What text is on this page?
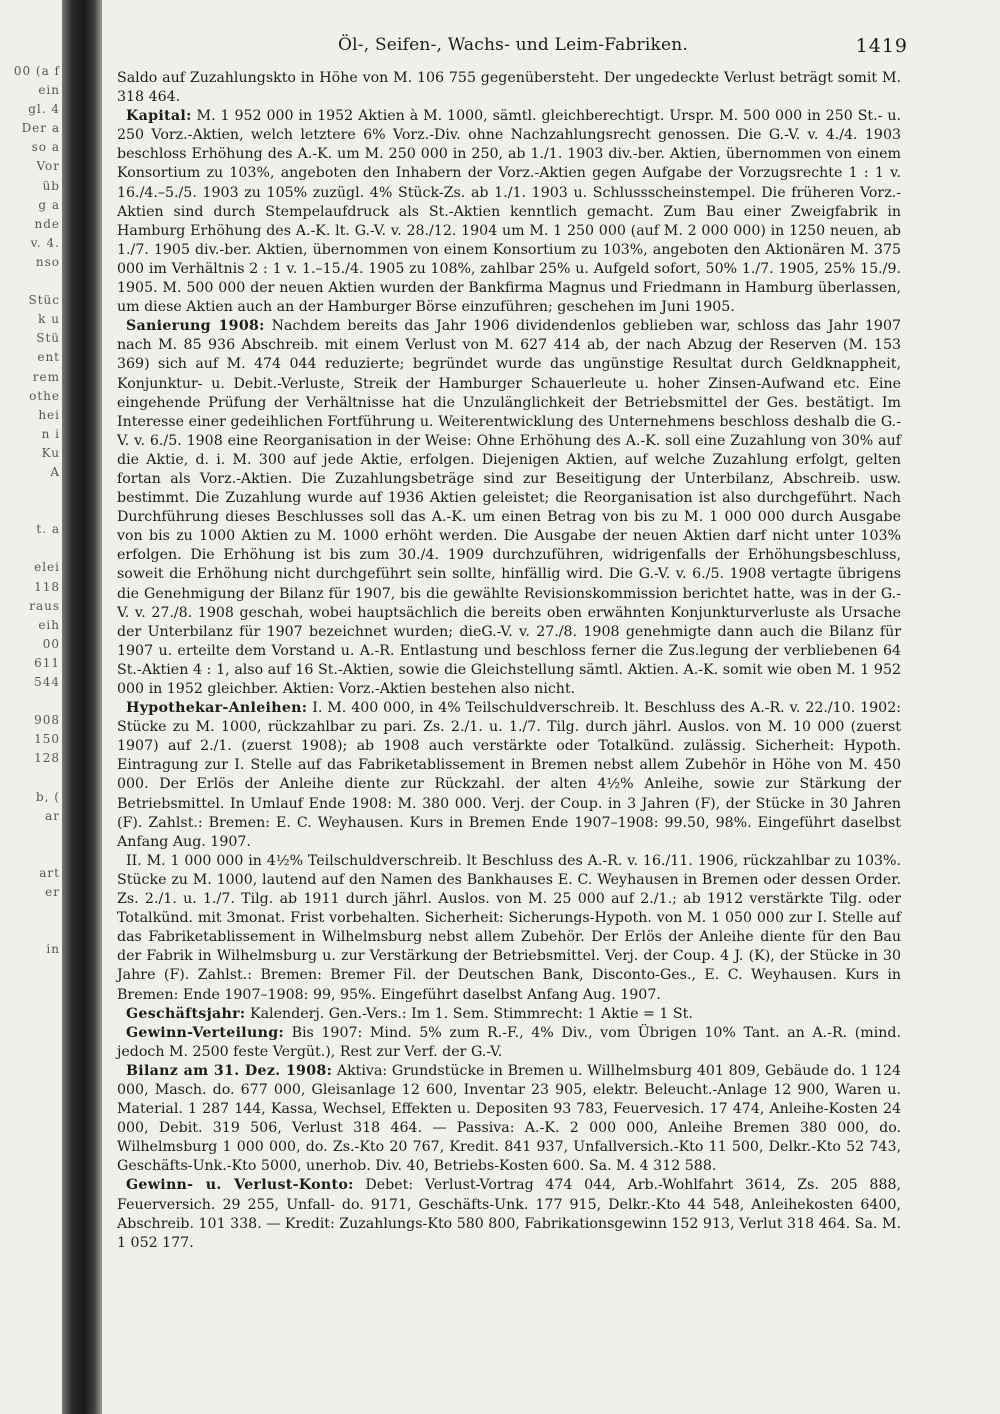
00 (a f
ein
gl. 4
Der a
so a
Vor
üb
g a
nde
v. 4.
nso

Stüc
k u
Stü
ent
rem
othe
hei
n i
Ku
A

t. a

elei
118
raus
eih
00
611
544

908
150
128

b, (
ar

art
er

in
Öl-, Seifen-, Wachs- und Leim-Fabriken.	1419

Saldo auf Zuzahlungskto in Höhe von M. 106 755 gegenübersteht. Der ungedeckte Verlust beträgt somit M. 318 464.

Kapital: M. 1 952 000 in 1952 Aktien à M. 1000, sämtl. gleichberechtigt. Urspr. M. 500 000 in 250 St.- u. 250 Vorz.-Aktien, welch letztere 6% Vorz.-Div. ohne Nachzahlungsrecht genossen. Die G.-V. v. 4./4. 1903 beschloss Erhöhung des A.-K. um M. 250 000 in 250, ab 1./1. 1903 div.-ber. Aktien, übernommen von einem Konsortium zu 103%, angeboten den Inhabern der Vorz.-Aktien gegen Aufgabe der Vorzugsrechte 1 : 1 v. 16./4.–5./5. 1903 zu 105% zuzügl. 4% Stück-Zs. ab 1./1. 1903 u. Schlussscheinstempel. Die früheren Vorz.-Aktien sind durch Stempelaufdruck als St.-Aktien kenntlich gemacht. Zum Bau einer Zweigfabrik in Hamburg Erhöhung des A.-K. lt. G.-V. v. 28./12. 1904 um M. 1 250 000 (auf M. 2 000 000) in 1250 neuen, ab 1./7. 1905 div.-ber. Aktien, übernommen von einem Konsortium zu 103%, angeboten den Aktionären M. 375 000 im Verhältnis 2 : 1 v. 1.–15./4. 1905 zu 108%, zahlbar 25% u. Aufgeld sofort, 50% 1./7. 1905, 25% 15./9. 1905. M. 500 000 der neuen Aktien wurden der Bankfirma Magnus und Friedmann in Hamburg überlassen, um diese Aktien auch an der Hamburger Börse einzuführen; geschehen im Juni 1905.

Sanierung 1908: Nachdem bereits das Jahr 1906 dividendenlos geblieben war, schloss das Jahr 1907 nach M. 85 936 Abschreib. mit einem Verlust von M. 627 414 ab, der nach Abzug der Reserven (M. 153 369) sich auf M. 474 044 reduzierte; begründet wurde das ungünstige Resultat durch Geldknappheit, Konjunktur- u. Debit.-Verluste, Streik der Hamburger Schauerleute u. hoher Zinsen-Aufwand etc. Eine eingehende Prüfung der Verhältnisse hat die Unzulänglichkeit der Betriebsmittel der Ges. bestätigt. Im Interesse einer gedeihlichen Fortführung u. Weiterentwicklung des Unternehmens beschloss deshalb die G.-V. v. 6./5. 1908 eine Reorganisation in der Weise: Ohne Erhöhung des A.-K. soll eine Zuzahlung von 30% auf die Aktie, d. i. M. 300 auf jede Aktie, erfolgen. Diejenigen Aktien, auf welche Zuzahlung erfolgt, gelten fortan als Vorz.-Aktien. Die Zuzahlungsbeträge sind zur Beseitigung der Unterbilanz, Abschreib. usw. bestimmt. Die Zuzahlung wurde auf 1936 Aktien geleistet; die Reorganisation ist also durchgeführt. Nach Durchführung dieses Beschlusses soll das A.-K. um einen Betrag von bis zu M. 1 000 000 durch Ausgabe von bis zu 1000 Aktien zu M. 1000 erhöht werden. Die Ausgabe der neuen Aktien darf nicht unter 103% erfolgen. Die Erhöhung ist bis zum 30./4. 1909 durchzuführen, widrigenfalls der Erhöhungsbeschluss, soweit die Erhöhung nicht durchgeführt sein sollte, hinfällig wird. Die G.-V. v. 6./5. 1908 vertagte übrigens die Genehmigung der Bilanz für 1907, bis die gewählte Revisionskommission berichtet hatte, was in der G.-V. v. 27./8. 1908 geschah, wobei hauptsächlich die bereits oben erwähnten Konjunkturverluste als Ursache der Unterbilanz für 1907 bezeichnet wurden; dieG.-V. v. 27./8. 1908 genehmigte dann auch die Bilanz für 1907 u. erteilte dem Vorstand u. A.-R. Entlastung und beschloss ferner die Zus.legung der verbliebenen 64 St.-Aktien 4 : 1, also auf 16 St.-Aktien, sowie die Gleichstellung sämtl. Aktien. A.-K. somit wie oben M. 1 952 000 in 1952 gleichber. Aktien: Vorz.-Aktien bestehen also nicht.

Hypothekar-Anleihen: I. M. 400 000, in 4% Teilschuldverschreib. lt. Beschluss des A.-R. v. 22./10. 1902: Stücke zu M. 1000, rückzahlbar zu pari. Zs. 2./1. u. 1./7. Tilg. durch jährl. Auslos. von M. 10 000 (zuerst 1907) auf 2./1. (zuerst 1908); ab 1908 auch verstärkte oder Totalkünd. zulässig. Sicherheit: Hypoth. Eintragung zur I. Stelle auf das Fabriketablissement in Bremen nebst allem Zubehör in Höhe von M. 450 000. Der Erlös der Anleihe diente zur Rückzahl. der alten 4½% Anleihe, sowie zur Stärkung der Betriebsmittel. In Umlauf Ende 1908: M. 380 000. Verj. der Coup. in 3 Jahren (F), der Stücke in 30 Jahren (F). Zahlst.: Bremen: E. C. Weyhausen. Kurs in Bremen Ende 1907–1908: 99.50, 98%. Eingeführt daselbst Anfang Aug. 1907.

II. M. 1 000 000 in 4½% Teilschuldverschreib. lt Beschluss des A.-R. v. 16./11. 1906, rückzahlbar zu 103%. Stücke zu M. 1000, lautend auf den Namen des Bankhauses E. C. Weyhausen in Bremen oder dessen Order. Zs. 2./1. u. 1./7. Tilg. ab 1911 durch jährl. Auslos. von M. 25 000 auf 2./1.; ab 1912 verstärkte Tilg. oder Totalkünd. mit 3monat. Frist vorbehalten. Sicherheit: Sicherungs-Hypoth. von M. 1 050 000 zur I. Stelle auf das Fabriketablissement in Wilhelmsburg nebst allem Zubehör. Der Erlös der Anleihe diente für den Bau der Fabrik in Wilhelmsburg u. zur Verstärkung der Betriebsmittel. Verj. der Coup. 4 J. (K), der Stücke in 30 Jahre (F). Zahlst.: Bremen: Bremer Fil. der Deutschen Bank, Disconto-Ges., E. C. Weyhausen. Kurs in Bremen: Ende 1907–1908: 99, 95%. Eingeführt daselbst Anfang Aug. 1907.

Geschäftsjahr: Kalenderj. Gen.-Vers.: Im 1. Sem. Stimmrecht: 1 Aktie = 1 St.

Gewinn-Verteilung: Bis 1907: Mind. 5% zum R.-F., 4% Div., vom Übrigen 10% Tant. an A.-R. (mind. jedoch M. 2500 feste Vergüt.), Rest zur Verf. der G.-V.

Bilanz am 31. Dez. 1908: Aktiva: Grundstücke in Bremen u. Willhelmsburg 401 809, Gebäude do. 1 124 000, Masch. do. 677 000, Gleisanlage 12 600, Inventar 23 905, elektr. Beleucht.-Anlage 12 900, Waren u. Material. 1 287 144, Kassa, Wechsel, Effekten u. Depositen 93 783, Feuervesich. 17 474, Anleihe-Kosten 24 000, Debit. 319 506, Verlust 318 464. — Passiva: A.-K. 2 000 000, Anleihe Bremen 380 000, do. Wilhelmsburg 1 000 000, do. Zs.-Kto 20 767, Kredit. 841 937, Unfallversich.-Kto 11 500, Delkr.-Kto 52 743, Geschäfts-Unk.-Kto 5000, unerhob. Div. 40, Betriebs-Kosten 600. Sa. M. 4 312 588.

Gewinn- u. Verlust-Konto: Debet: Verlust-Vortrag 474 044, Arb.-Wohlfahrt 3614, Zs. 205 888, Feuerversich. 29 255, Unfall- do. 9171, Geschäfts-Unk. 177 915, Delkr.-Kto 44 548, Anleihekosten 6400, Abschreib. 101 338. — Kredit: Zuzahlungs-Kto 580 800, Fabrikationsgewinn 152 913, Verlut 318 464. Sa. M. 1 052 177.
